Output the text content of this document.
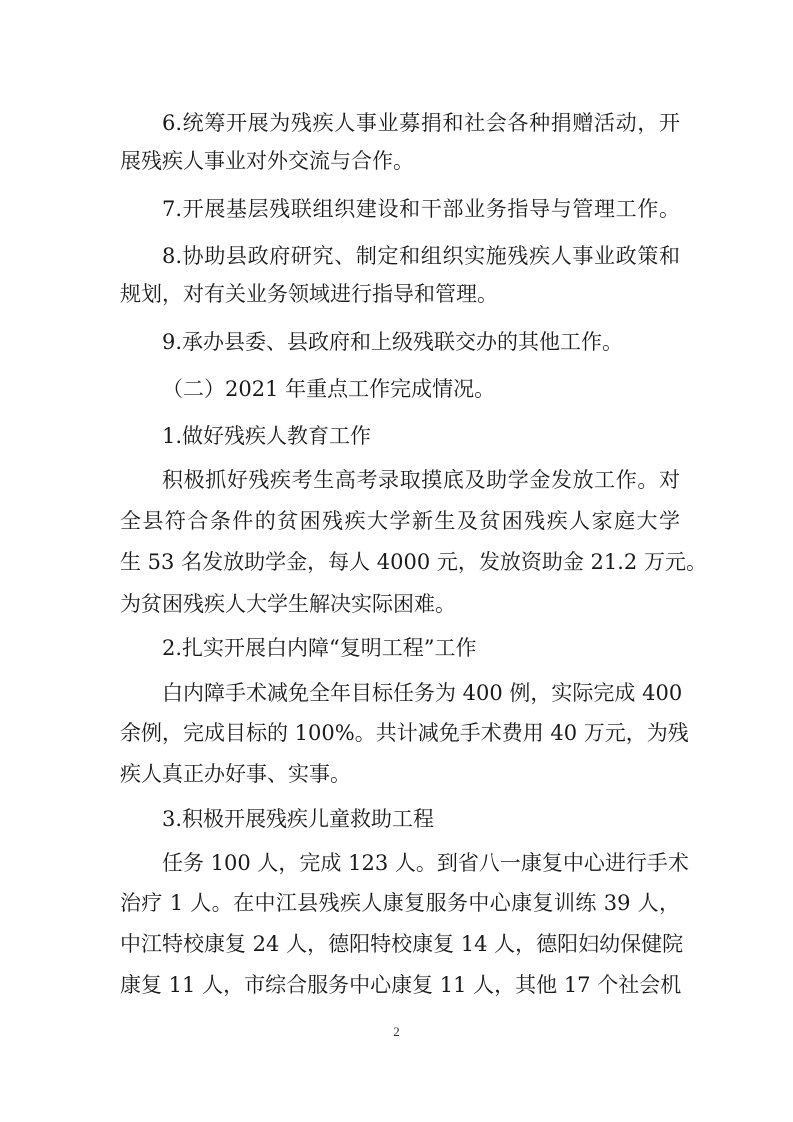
6.统筹开展为残疾人事业募捐和社会各种捐赠活动，开
展残疾人事业对外交流与合作。
7.开展基层残联组织建设和干部业务指导与管理工作。
8.协助县政府研究、制定和组织实施残疾人事业政策和
规划，对有关业务领域进行指导和管理。
9.承办县委、县政府和上级残联交办的其他工作。
（二）2021 年重点工作完成情况。
1.做好残疾人教育工作
积极抓好残疾考生高考录取摸底及助学金发放工作。对
全县符合条件的贫困残疾大学新生及贫困残疾人家庭大学
生 53 名发放助学金，每人 4000 元，发放资助金 21.2 万元。
为贫困残疾人大学生解决实际困难。
2.扎实开展白内障“复明工程”工作
白内障手术减免全年目标任务为 400 例，实际完成 400
余例，完成目标的 100%。共计减免手术费用 40 万元，为残
疾人真正办好事、实事。
3.积极开展残疾儿童救助工程
任务 100 人，完成 123 人。到省八一康复中心进行手术
治疗 1 人。在中江县残疾人康复服务中心康复训练 39 人，
中江特校康复 24 人，德阳特校康复 14 人，德阳妇幼保健院
康复 11 人，市综合服务中心康复 11 人，其他 17 个社会机
2
